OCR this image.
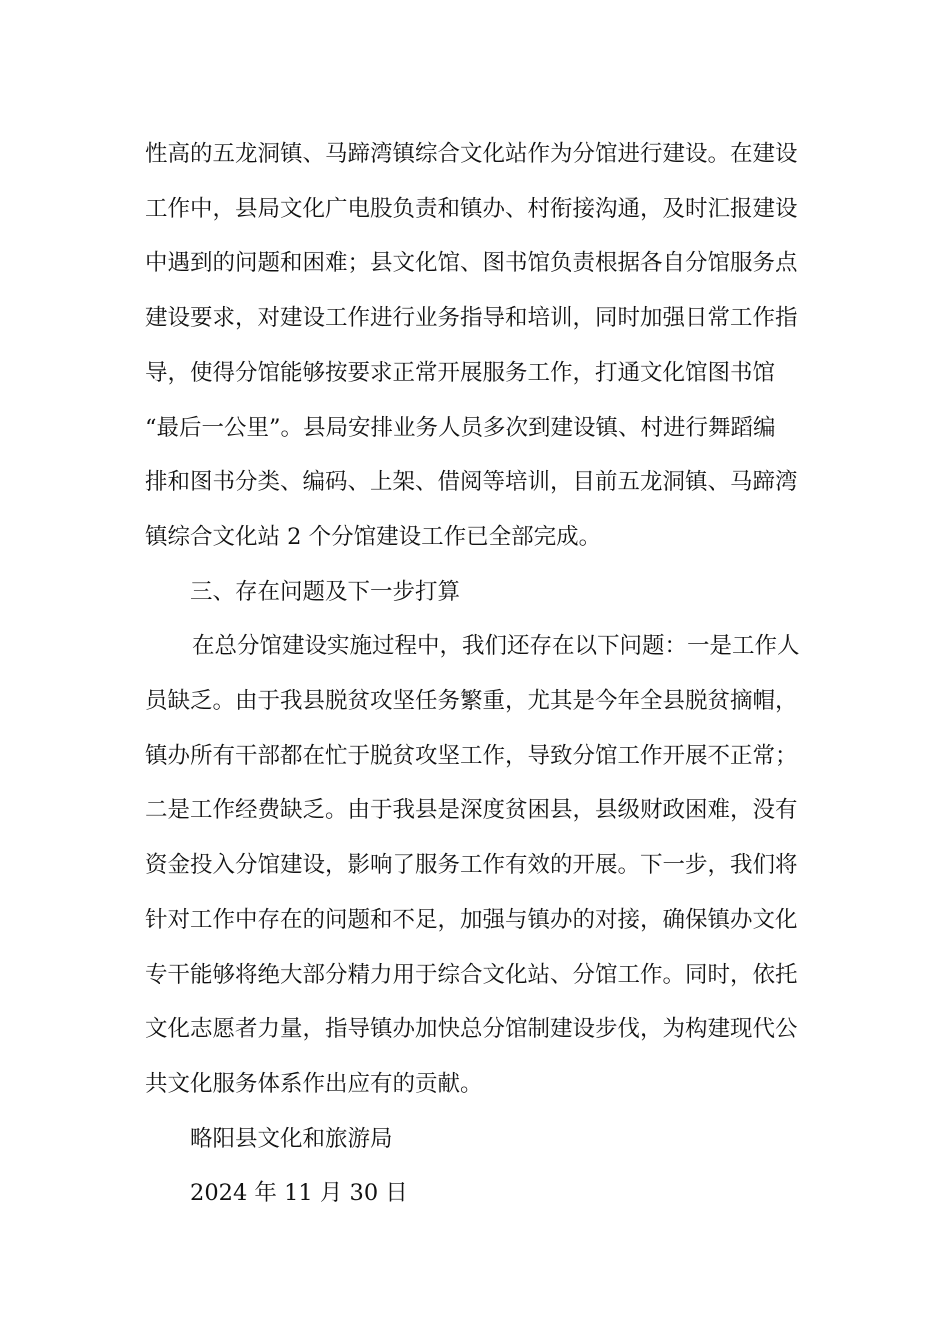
性高的五龙洞镇、马蹄湾镇综合文化站作为分馆进行建设。在建设
工作中，县局文化广电股负责和镇办、村衔接沟通，及时汇报建设
中遇到的问题和困难；县文化馆、图书馆负责根据各自分馆服务点
建设要求，对建设工作进行业务指导和培训，同时加强日常工作指
导，使得分馆能够按要求正常开展服务工作，打通文化馆图书馆
“最后一公里”。县局安排业务人员多次到建设镇、村进行舞蹈编
排和图书分类、编码、上架、借阅等培训，目前五龙洞镇、马蹄湾
镇综合文化站 2 个分馆建设工作已全部完成。

三、存在问题及下一步打算

在总分馆建设实施过程中，我们还存在以下问题：一是工作人
员缺乏。由于我县脱贫攻坚任务繁重，尤其是今年全县脱贫摘帽，
镇办所有干部都在忙于脱贫攻坚工作，导致分馆工作开展不正常；
二是工作经费缺乏。由于我县是深度贫困县，县级财政困难，没有
资金投入分馆建设，影响了服务工作有效的开展。下一步，我们将
针对工作中存在的问题和不足，加强与镇办的对接，确保镇办文化
专干能够将绝大部分精力用于综合文化站、分馆工作。同时，依托
文化志愿者力量，指导镇办加快总分馆制建设步伐，为构建现代公
共文化服务体系作出应有的贡献。

略阳县文化和旅游局

2024 年 11 月 30 日
